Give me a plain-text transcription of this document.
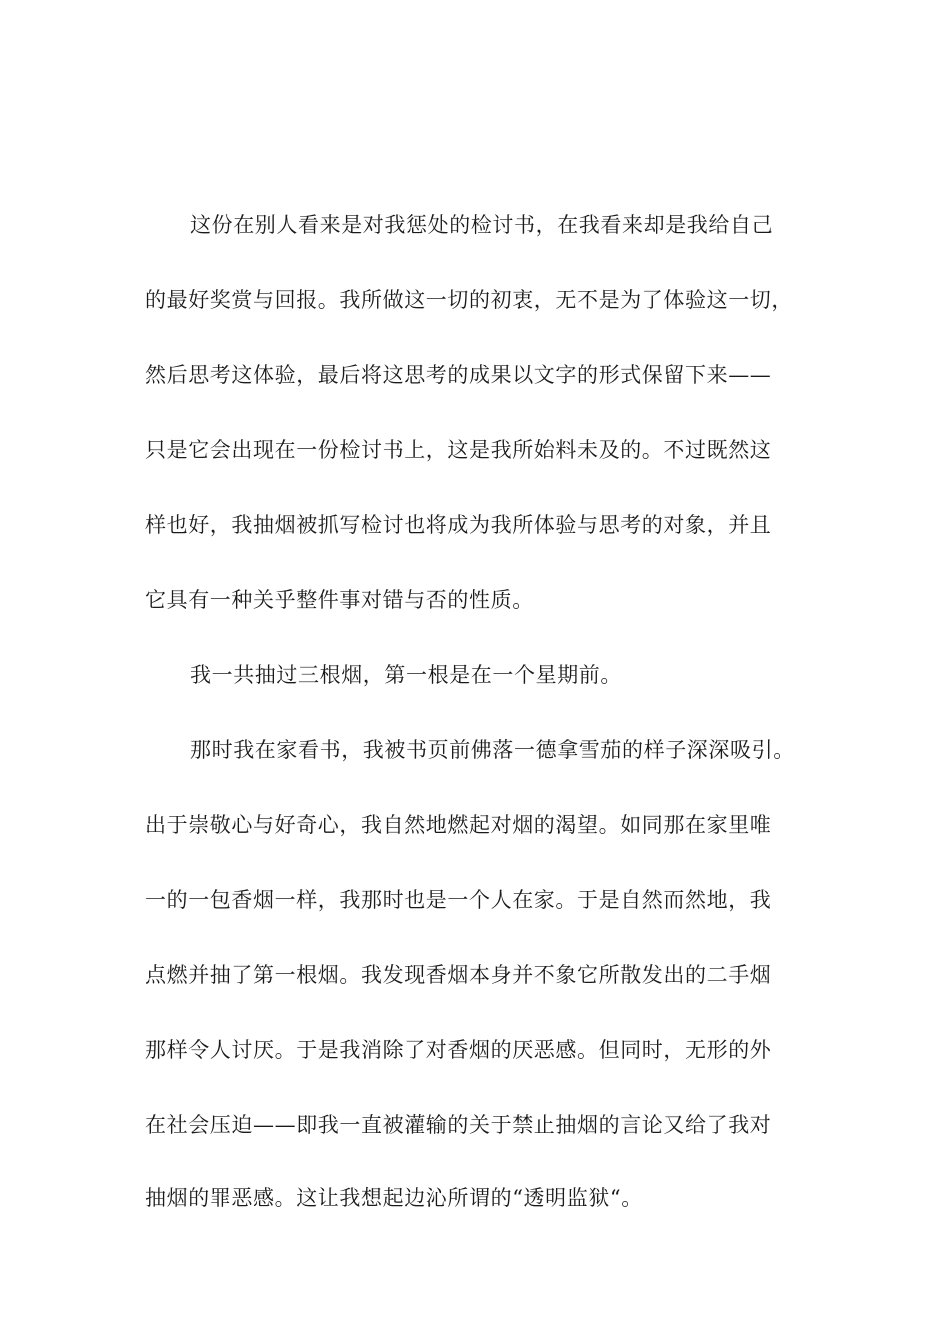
这份在别人看来是对我惩处的检讨书，在我看来却是我给自己
的最好奖赏与回报。我所做这一切的初衷，无不是为了体验这一切，
然后思考这体验，最后将这思考的成果以文字的形式保留下来——
只是它会出现在一份检讨书上，这是我所始料未及的。不过既然这
样也好，我抽烟被抓写检讨也将成为我所体验与思考的对象，并且
它具有一种关乎整件事对错与否的性质。
我一共抽过三根烟，第一根是在一个星期前。
那时我在家看书，我被书页前佛落一德拿雪茄的样子深深吸引。
出于崇敬心与好奇心，我自然地燃起对烟的渴望。如同那在家里唯
一的一包香烟一样，我那时也是一个人在家。于是自然而然地，我
点燃并抽了第一根烟。我发现香烟本身并不象它所散发出的二手烟
那样令人讨厌。于是我消除了对香烟的厌恶感。但同时，无形的外
在社会压迫——即我一直被灌输的关于禁止抽烟的言论又给了我对
抽烟的罪恶感。这让我想起边沁所谓的“透明监狱“。
